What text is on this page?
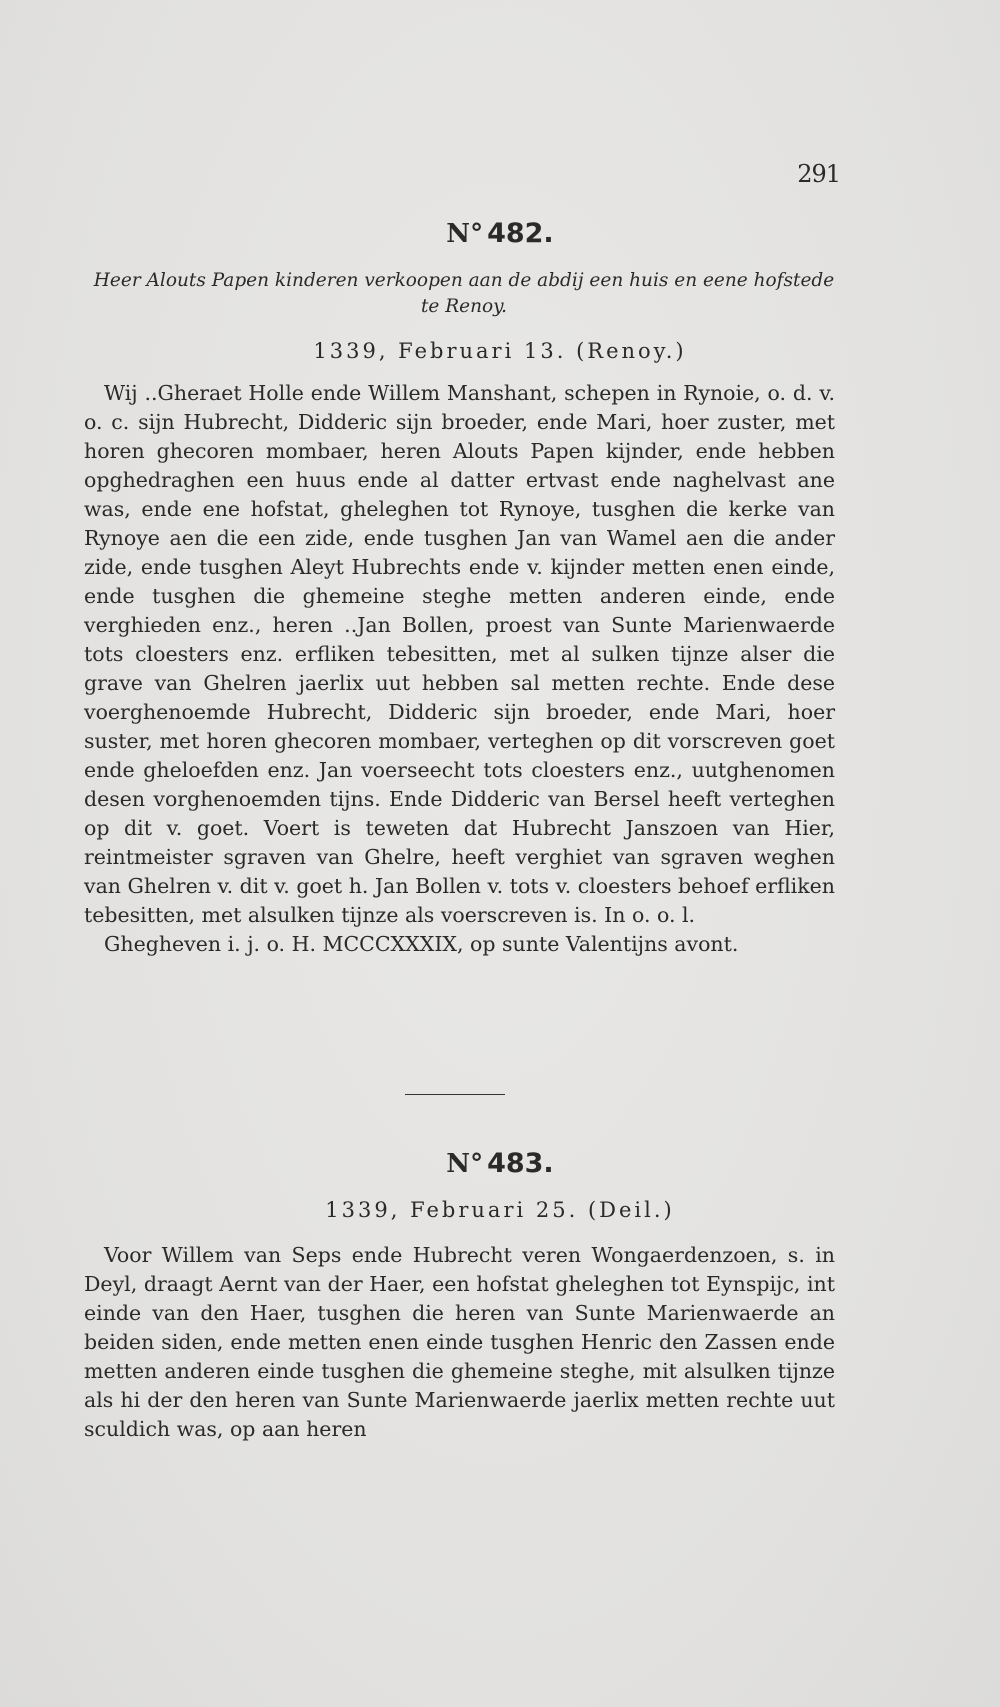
291
N° 482.
Heer Alouts Papen kinderen verkoopen aan de abdij een huis en eene hofstede te Renoy.
1339, Februari 13. (Renoy.)

Wij ..Gheraet Holle ende Willem Manshant, schepen in Rynoie, o. d. v. o. c. sijn Hubrecht, Didderic sijn broeder, ende Mari, hoer zuster, met horen ghecoren mombaer, heren Alouts Papen kijnder, ende hebben opghedraghen een huus ende al datter ertvast ende naghelvast ane was, ende ene hofstat, gheleghen tot Rynoye, tusghen die kerke van Rynoye aen die een zide, ende tusghen Jan van Wamel aen die ander zide, ende tusghen Aleyt Hubrechts ende v. kijnder metten enen einde, ende tusghen die ghemeine steghe metten anderen einde, ende verghieden enz., heren ..Jan Bollen, proest van Sunte Marienwaerde tots cloesters enz. erfliken tebesitten, met al sulken tijnze alser die grave van Ghelren jaerlix uut hebben sal metten rechte. Ende dese voerghenoemde Hubrecht, Didderic sijn broeder, ende Mari, hoer suster, met horen ghecoren mombaer, verteghen op dit vorscreven goet ende gheloefden enz. Jan voerseecht tots cloesters enz., uutghenomen desen vorghenoemden tijns. Ende Didderic van Bersel heeft verteghen op dit v. goet. Voert is teweten dat Hubrecht Janszoen van Hier, reintmeister sgraven van Ghelre, heeft verghiet van sgraven weghen van Ghelren v. dit v. goet h. Jan Bollen v. tots v. cloesters behoef erfliken tebesitten, met alsulken tijnze als voerscreven is. In o. o. l.

Ghegheven i. j. o. H. MCCCXXXIX, op sunte Valentijns avont.

N° 483.
1339, Februari 25. (Deil.)

Voor Willem van Seps ende Hubrecht veren Wongaerdenzoen, s. in Deyl, draagt Aernt van der Haer, een hofstat gheleghen tot Eynspijc, int einde van den Haer, tusghen die heren van Sunte Marienwaerde an beiden siden, ende metten enen einde tusghen Henric den Zassen ende metten anderen einde tusghen die ghemeine steghe, mit alsulken tijnze als hi der den heren van Sunte Marienwaerde jaerlix metten rechte uut sculdich was, op aan heren
